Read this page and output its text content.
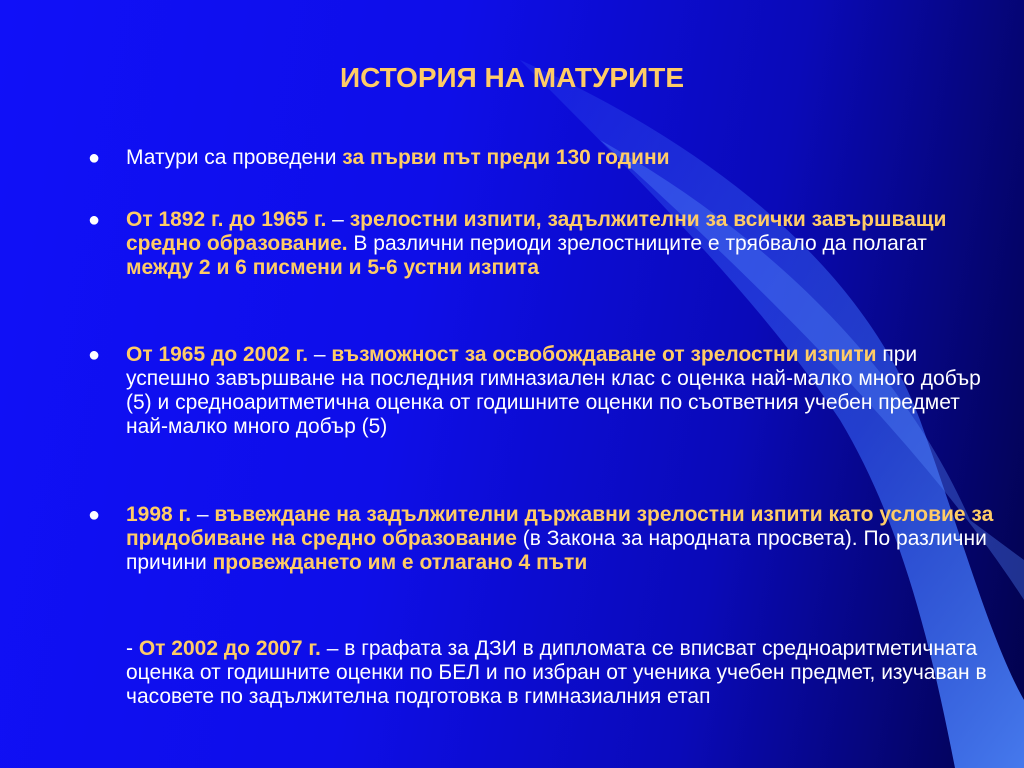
ИСТОРИЯ НА МАТУРИТЕ

● Матури са проведени за първи път преди 130 години

● От 1892 г. до 1965 г. – зрелостни изпити, задължителни за всички завършващи средно образование. В различни периоди зрелостниците е трябвало да полагат между 2 и 6 писмени и 5-6 устни изпита

● От 1965 до 2002 г. – възможност за освобождаване от зрелостни изпити при успешно завършване на последния гимназиален клас с оценка най-малко много добър (5) и средноаритметична оценка от годишните оценки по съответния учебен предмет най-малко много добър (5)

● 1998 г. – въвеждане на задължителни държавни зрелостни изпити като условие за придобиване на средно образование (в Закона за народната просвета). По различни причини провеждането им е отлагано 4 пъти

- От 2002 до 2007 г. – в графата за ДЗИ в дипломата се вписват средноаритметичната оценка от годишните оценки по БЕЛ и по избран от ученика учебен предмет, изучаван в часовете по задължителна подготовка в гимназиалния етап
